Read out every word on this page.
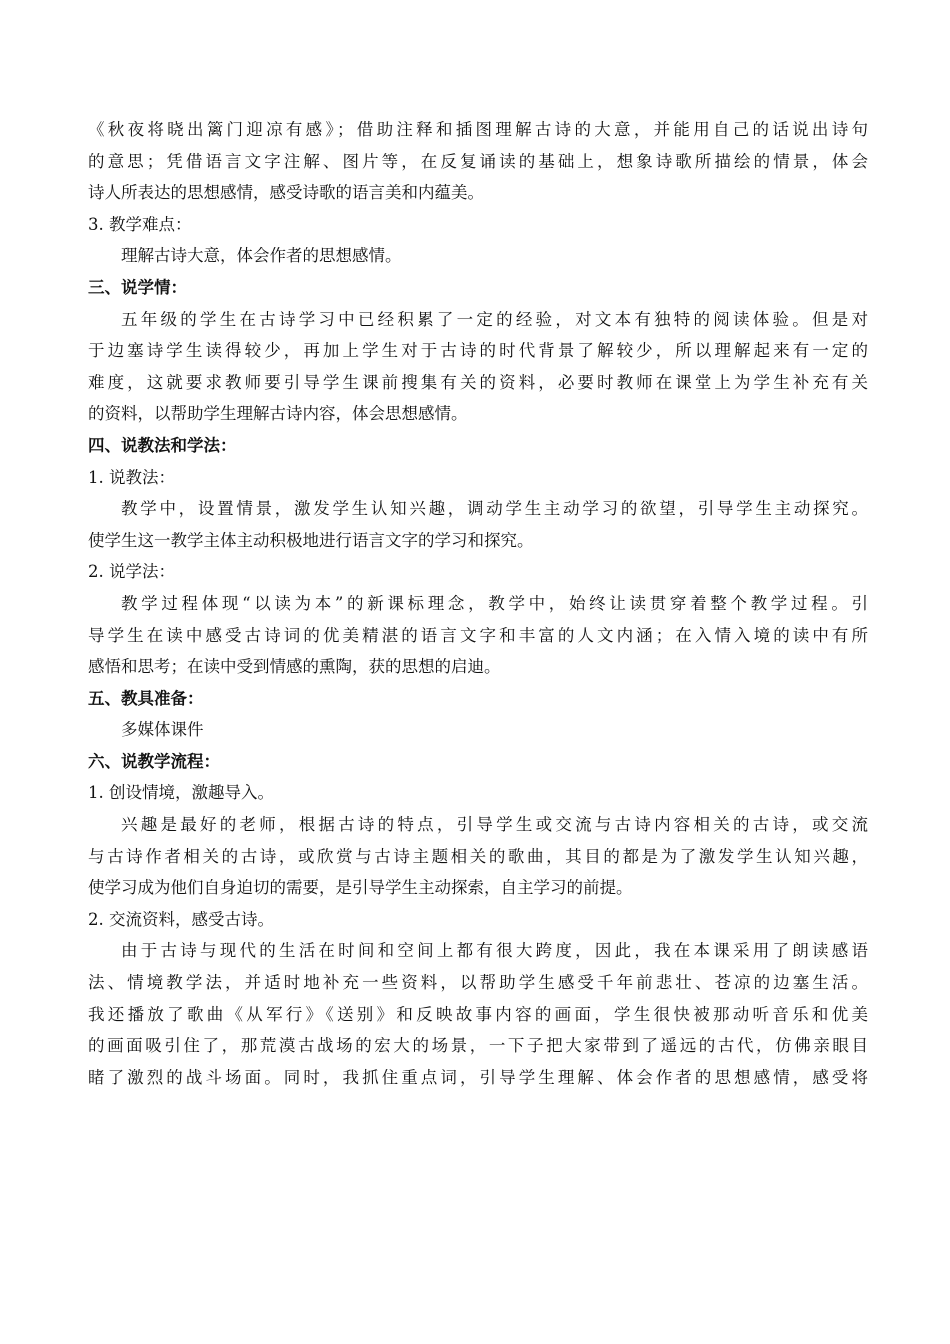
《秋夜将晓出篱门迎凉有感》；借助注释和插图理解古诗的大意，并能用自己的话说出诗句
的意思；凭借语言文字注解、图片等，在反复诵读的基础上，想象诗歌所描绘的情景，体会
诗人所表达的思想感情，感受诗歌的语言美和内蕴美。
3. 教学难点：
理解古诗大意，体会作者的思想感情。
三、说学情：
五年级的学生在古诗学习中已经积累了一定的经验，对文本有独特的阅读体验。但是对
于边塞诗学生读得较少，再加上学生对于古诗的时代背景了解较少，所以理解起来有一定的
难度，这就要求教师要引导学生课前搜集有关的资料，必要时教师在课堂上为学生补充有关
的资料，以帮助学生理解古诗内容，体会思想感情。
四、说教法和学法：
1. 说教法：
教学中，设置情景，激发学生认知兴趣，调动学生主动学习的欲望，引导学生主动探究。
使学生这一教学主体主动积极地进行语言文字的学习和探究。
2. 说学法：
教学过程体现“以读为本”的新课标理念，教学中，始终让读贯穿着整个教学过程。引
导学生在读中感受古诗词的优美精湛的语言文字和丰富的人文内涵；在入情入境的读中有所
感悟和思考；在读中受到情感的熏陶，获的思想的启迪。
五、教具准备：
多媒体课件
六、说教学流程：
1. 创设情境，激趣导入。
兴趣是最好的老师，根据古诗的特点，引导学生或交流与古诗内容相关的古诗，或交流
与古诗作者相关的古诗，或欣赏与古诗主题相关的歌曲，其目的都是为了激发学生认知兴趣，
使学习成为他们自身迫切的需要，是引导学生主动探索，自主学习的前提。
2. 交流资料，感受古诗。
由于古诗与现代的生活在时间和空间上都有很大跨度，因此，我在本课采用了朗读感语
法、情境教学法，并适时地补充一些资料，以帮助学生感受千年前悲壮、苍凉的边塞生活。
我还播放了歌曲《从军行》《送别》和反映故事内容的画面，学生很快被那动听音乐和优美
的画面吸引住了，那荒漠古战场的宏大的场景，一下子把大家带到了遥远的古代，仿佛亲眼目
睹了激烈的战斗场面。同时，我抓住重点词，引导学生理解、体会作者的思想感情，感受将
